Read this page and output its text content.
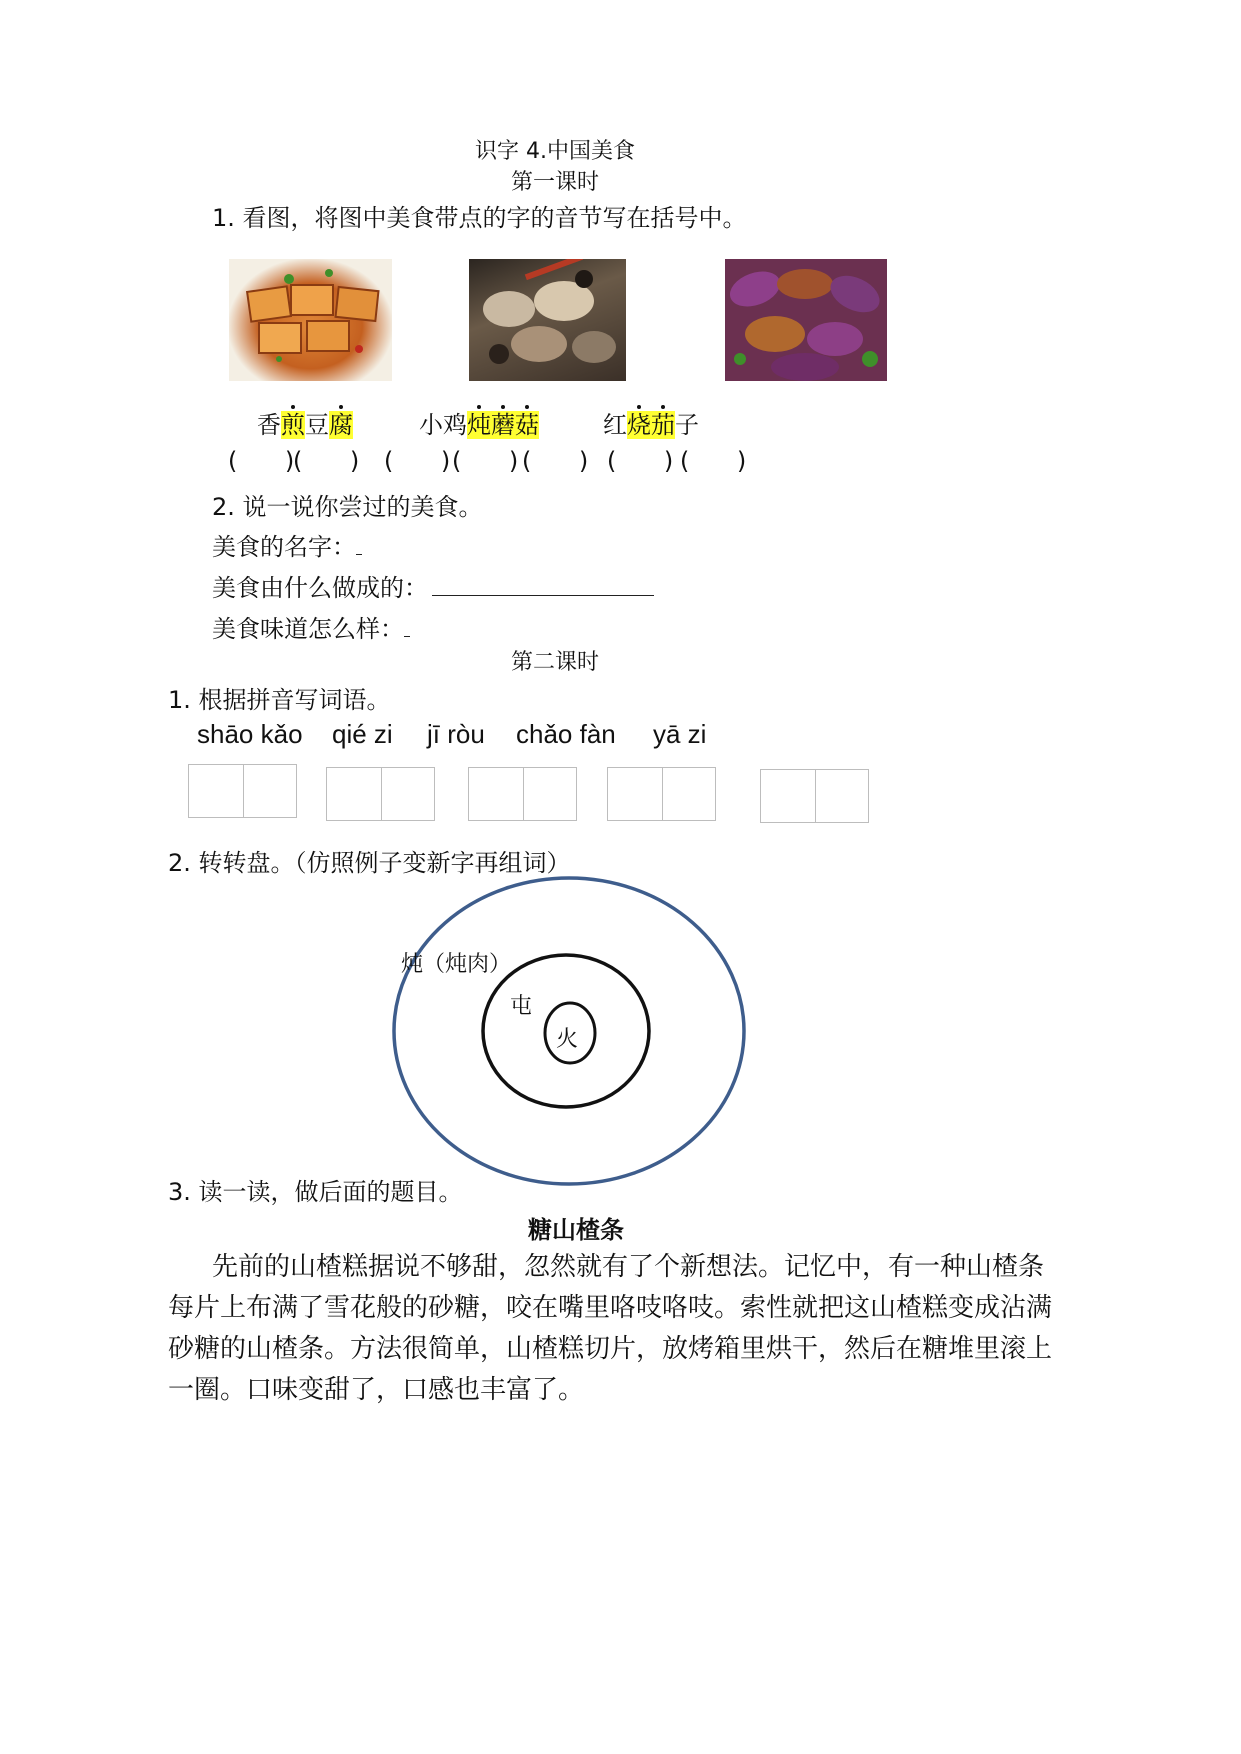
识字 4.中国美食
第一课时
1. 看图，将图中美食带点的字的音节写在括号中。
香煎豆腐	小鸡炖蘑菇	红烧茄
子
(   )
(   ) (   )
(   )
(   ) (   ) (   )
2. 说一说你尝过的美食。
美食的名字：
美食由什么做成的：
美食味道怎么样：
第二课时
1. 根据拼音写词语。
shāo kǎo qié zi jī ròu chǎo fàn yā zi
2. 转转盘。（仿照例子变新字再组词）
炖（炖肉）
屯
火
3. 读一读，做后面的题目。
糖山楂条
先前的山楂糕据说不够甜，忽然就有了个新想法。记忆中，有一种山楂条
每片上布满了雪花般的砂糖，咬在嘴里咯吱咯吱。索性就把这山楂糕变成沾满
砂糖的山楂条。方法很简单，山楂糕切片，放烤箱里烘干，然后在糖堆里滚上
一圈。口味变甜了，口感也丰富了。
